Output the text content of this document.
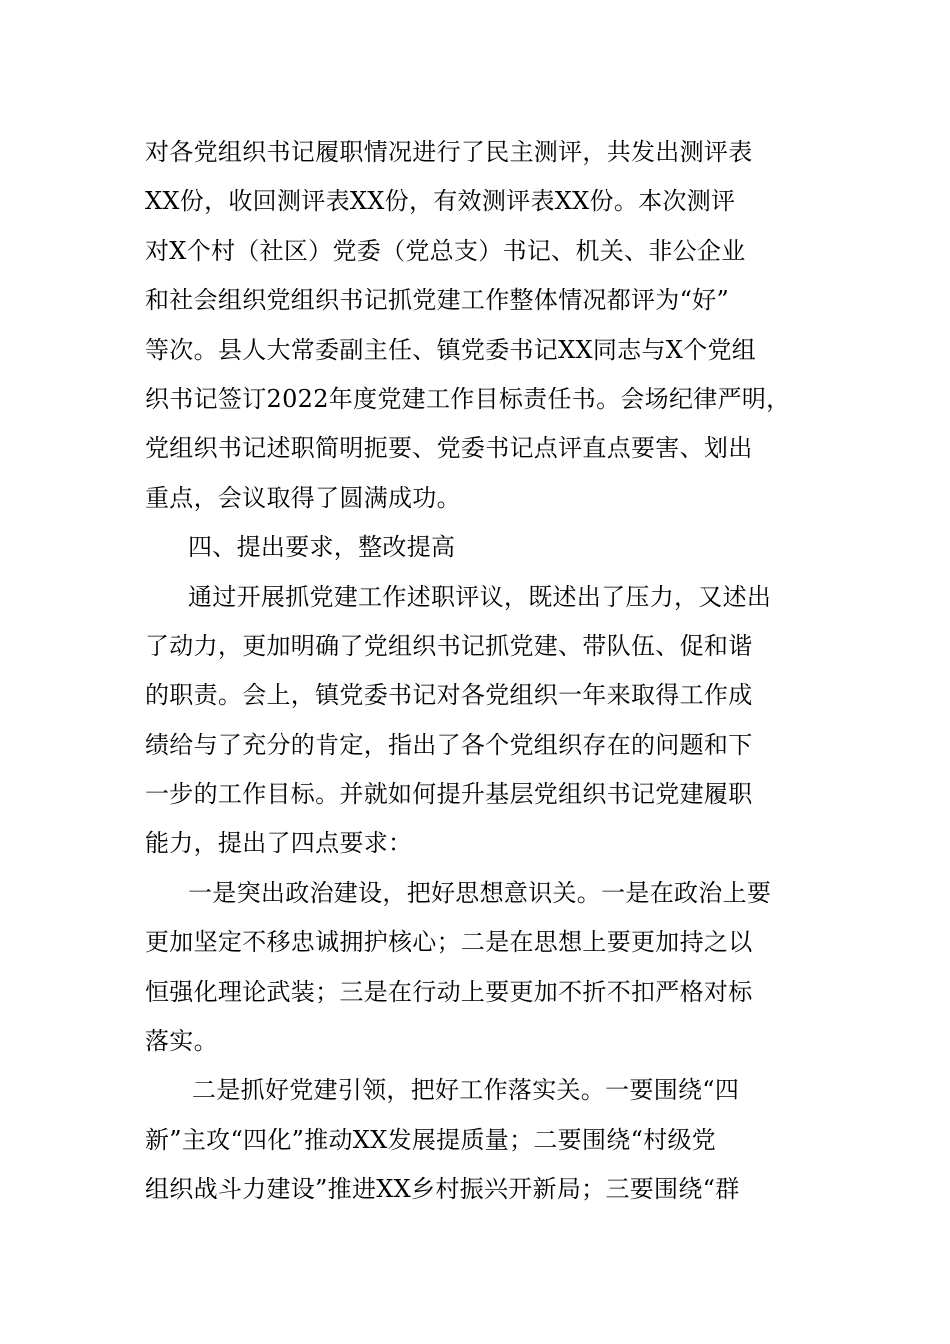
对各党组织书记履职情况进行了民主测评，共发出测评表
XX份，收回测评表XX份，有效测评表XX份。本次测评
对X个村（社区）党委（党总支）书记、机关、非公企业
和社会组织党组织书记抓党建工作整体情况都评为“好”
等次。县人大常委副主任、镇党委书记XX同志与X个党组
织书记签订2022年度党建工作目标责任书。会场纪律严明，
党组织书记述职简明扼要、党委书记点评直点要害、划出
重点，会议取得了圆满成功。
四、提出要求，整改提高
通过开展抓党建工作述职评议，既述出了压力，又述出
了动力，更加明确了党组织书记抓党建、带队伍、促和谐
的职责。会上，镇党委书记对各党组织一年来取得工作成
绩给与了充分的肯定，指出了各个党组织存在的问题和下
一步的工作目标。并就如何提升基层党组织书记党建履职
能力，提出了四点要求：
一是突出政治建设，把好思想意识关。一是在政治上要
更加坚定不移忠诚拥护核心；二是在思想上要更加持之以
恒强化理论武装；三是在行动上要更加不折不扣严格对标
落实。
二是抓好党建引领，把好工作落实关。一要围绕“四
新”主攻“四化”推动XX发展提质量；二要围绕“村级党
组织战斗力建设”推进XX乡村振兴开新局；三要围绕“群
